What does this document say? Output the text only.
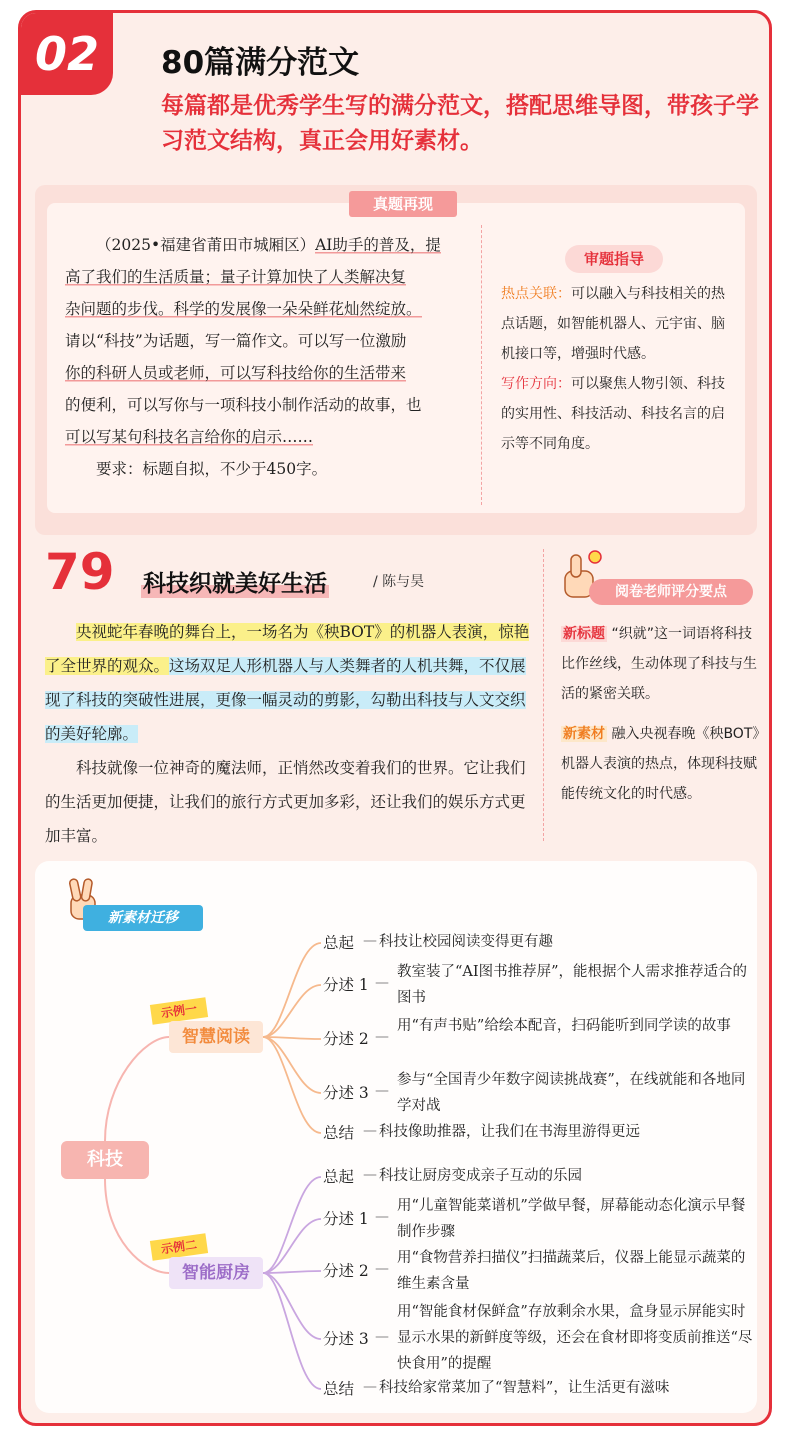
02	80篇满分范文
每篇都是优秀学生写的满分范文，搭配思维导图，带孩子学习范文结构，真正会用好素材。
真题再现

（2025•福建省莆田市城厢区）AI助手的普及，提

高了我们的生活质量；量子计算加快了人类解决复

杂问题的步伐。科学的发展像一朵朵鲜花灿然绽放。

请以“科技”为话题，写一篇作文。可以写一位激励

你的科研人员或老师，可以写科技给你的生活带来

的便利，可以写你与一项科技小制作活动的故事，也

可以写某句科技名言给你的启示……

要求：标题自拟，不少于450字。

审题指导

热点关联：可以融入与科技相关的热点话题，如智能机器人、元宇宙、脑机接口等，增强时代感。

写作方向：可以聚焦人物引领、科技的实用性、科技活动、科技名言的启示等不同角度。

79 科技织就美好生活	/ 陈与昊

央视蛇年春晚的舞台上，一场名为《秧BOT》的机器人表演，惊艳了全世界的观众。这场双足人形机器人与人类舞者的人机共舞，不仅展现了科技的突破性进展，更像一幅灵动的剪影，勾勒出科技与人文交织的美好轮廓。

科技就像一位神奇的魔法师，正悄然改变着我们的世界。它让我们的生活更加便捷，让我们的旅行方式更加多彩，还让我们的娱乐方式更加丰富。

阅卷老师评分要点

新标题 “织就”这一词语将科技比作丝线，生动体现了科技与生活的紧密关联。

新素材 融入央视春晚《秧BOT》机器人表演的热点，体现科技赋能传统文化的时代感。

新素材迁移
科技
示例一
智慧阅读
示例二
智能厨房
总起 — 科技让校园阅读变得更有趣
分述 1 —
教室装了“AI图书推荐屏”，能根据个人需求推荐适合的图书
分述 2 —
用“有声书贴”给绘本配音，扫码能听到同学读的故事
分述 3 —
参与“全国青少年数字阅读挑战赛”，在线就能和各地同学对战
总结 — 科技像助推器，让我们在书海里游得更远
总起 — 科技让厨房变成亲子互动的乐园
分述 1 —
用“儿童智能菜谱机”学做早餐，屏幕能动态化演示早餐制作步骤
分述 2 —
用“食物营养扫描仪”扫描蔬菜后，仪器上能显示蔬菜的维生素含量
分述 3 —
用“智能食材保鲜盒”存放剩余水果，盒身显示屏能实时显示水果的新鲜度等级，还会在食材即将变质前推送“尽快食用”的提醒
总结 — 科技给家常菜加了“智慧料”，让生活更有滋味
